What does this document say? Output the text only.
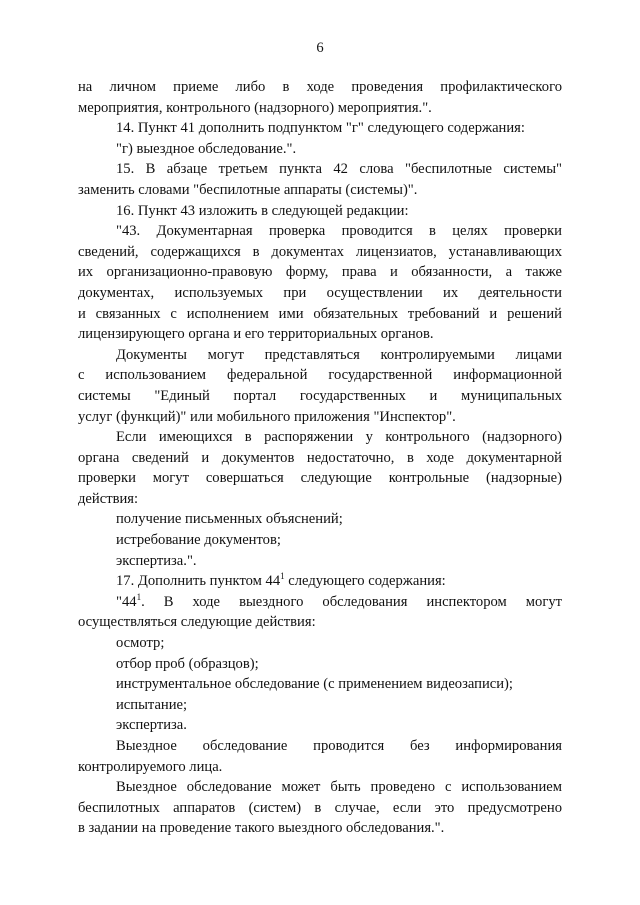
6
на личном приеме либо в ходе проведения профилактического
мероприятия, контрольного (надзорного) мероприятия.".
14. Пункт 41 дополнить подпунктом "г" следующего содержания:
"г) выездное обследование.".
15. В абзаце третьем пункта 42 слова "беспилотные системы"
заменить словами "беспилотные аппараты (системы)".
16. Пункт 43 изложить в следующей редакции:
"43. Документарная проверка проводится в целях проверки
сведений, содержащихся в документах лицензиатов, устанавливающих
их организационно-правовую форму, права и обязанности, а также
документах, используемых при осуществлении их деятельности
и связанных с исполнением ими обязательных требований и решений
лицензирующего органа и его территориальных органов.
Документы могут представляться контролируемыми лицами
с использованием федеральной государственной информационной
системы "Единый портал государственных и муниципальных
услуг (функций)" или мобильного приложения "Инспектор".
Если имеющихся в распоряжении у контрольного (надзорного)
органа сведений и документов недостаточно, в ходе документарной
проверки могут совершаться следующие контрольные (надзорные)
действия:
получение письменных объяснений;
истребование документов;
экспертиза.".
17. Дополнить пунктом $44^1$ следующего содержания:
"$44^1$. В ходе выездного обследования инспектором могут
осуществляться следующие действия:
осмотр;
отбор проб (образцов);
инструментальное обследование (с применением видеозаписи);
испытание;
экспертиза.
Выездное обследование проводится без информирования
контролируемого лица.
Выездное обследование может быть проведено с использованием
беспилотных аппаратов (систем) в случае, если это предусмотрено
в задании на проведение такого выездного обследования.".
